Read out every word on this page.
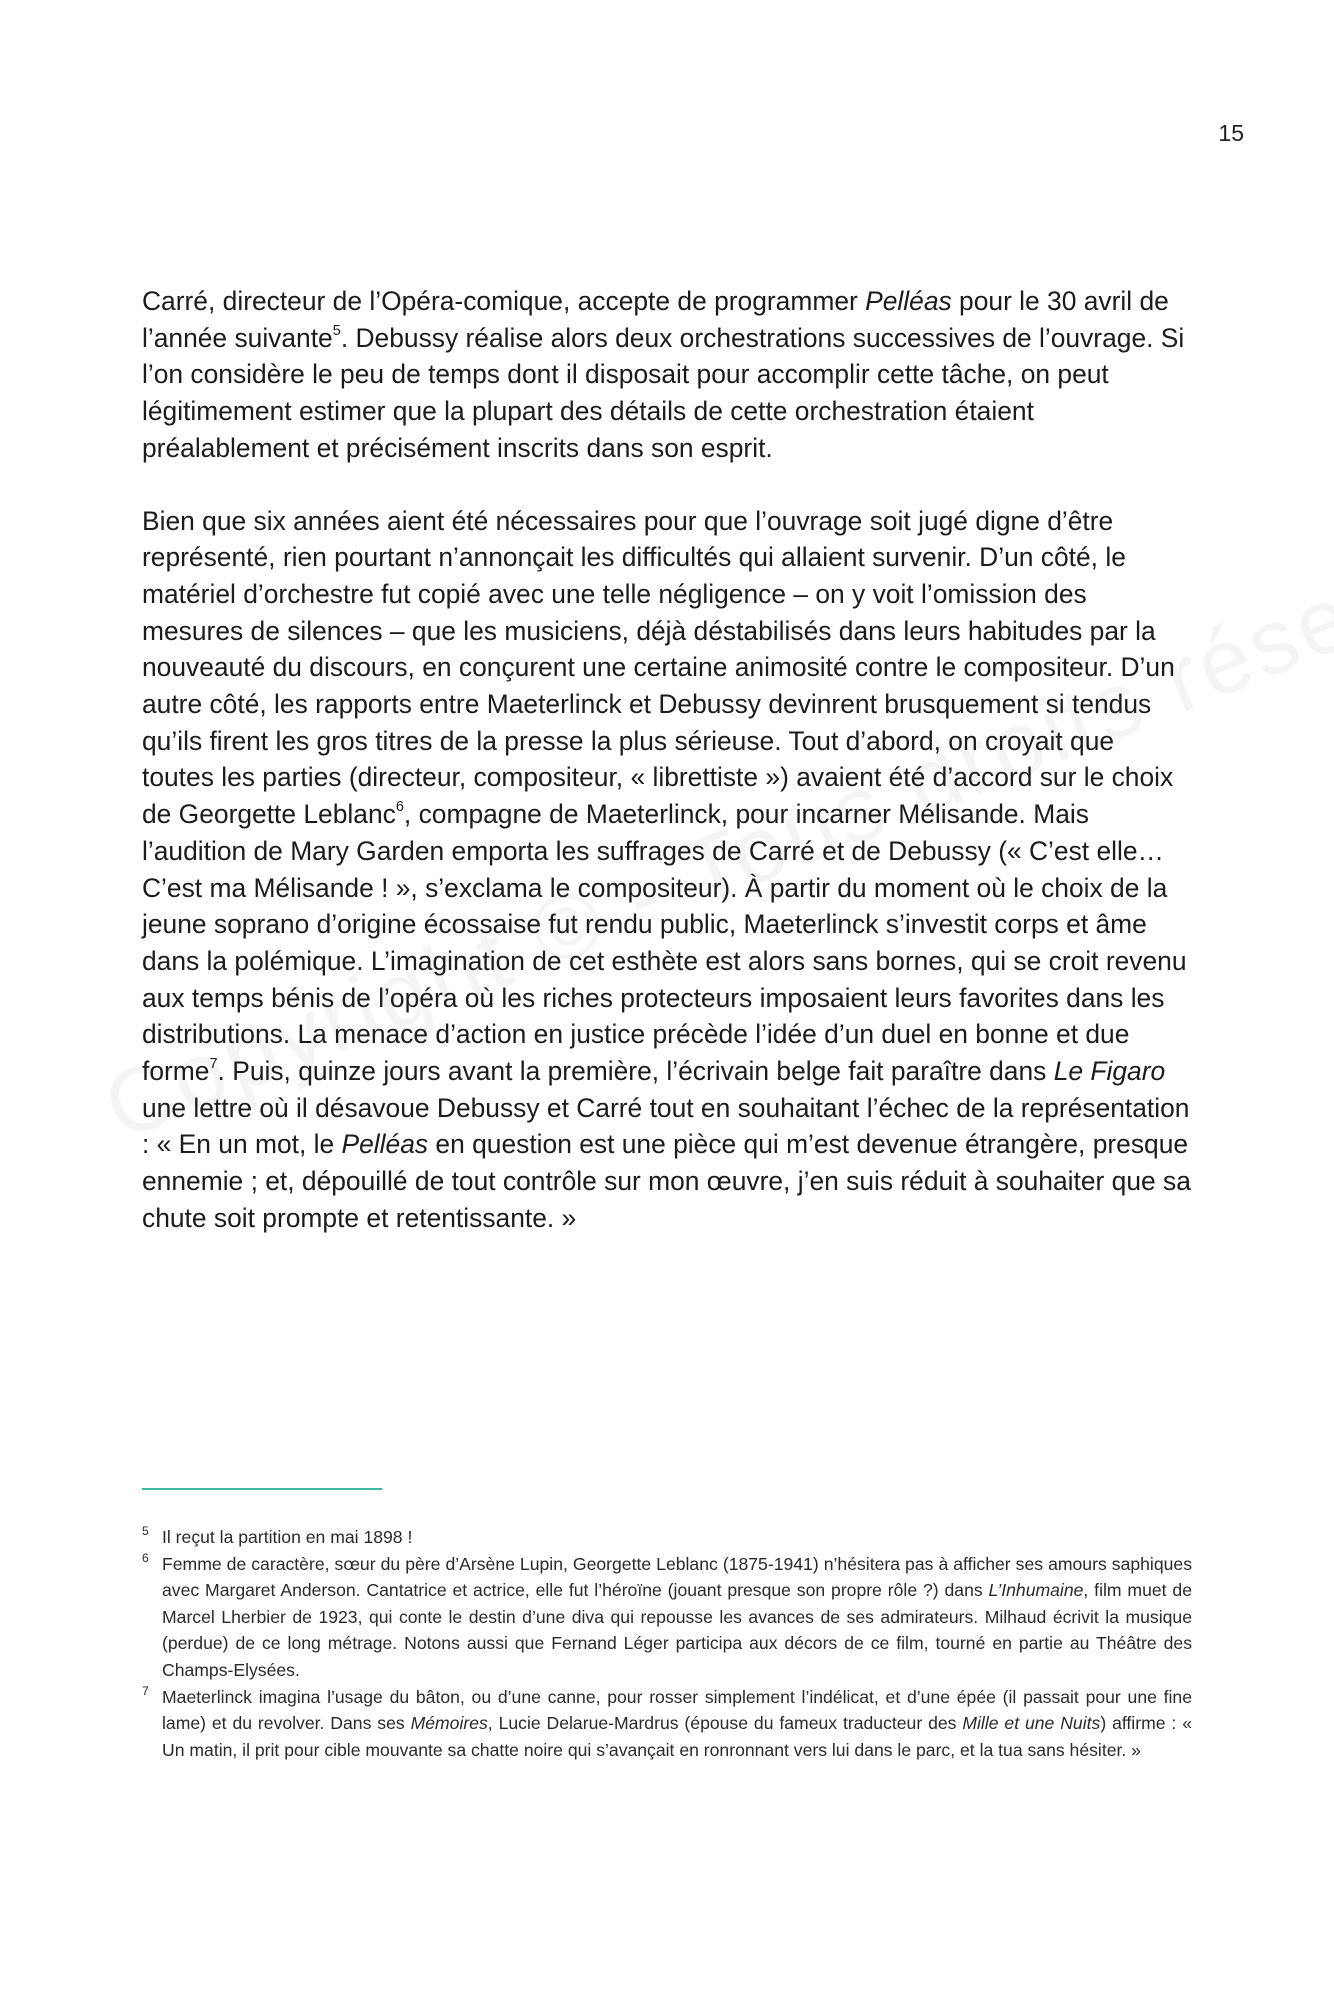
15

Carré, directeur de l’Opéra-comique, accepte de programmer Pelléas pour le 30 avril de l’année suivante$^5$. Debussy réalise alors deux orchestrations successives de l’ouvrage. Si l’on considère le peu de temps dont il disposait pour accomplir cette tâche, on peut légitimement estimer que la plupart des détails de cette orchestration étaient préalablement et précisément inscrits dans son esprit.

Bien que six années aient été nécessaires pour que l’ouvrage soit jugé digne d’être représenté, rien pourtant n’annonçait les difficultés qui allaient survenir. D’un côté, le matériel d’orchestre fut copié avec une telle négligence – on y voit l’omission des mesures de silences – que les musiciens, déjà déstabilisés dans leurs habitudes par la nouveauté du discours, en conçurent une certaine animosité contre le compositeur. D’un autre côté, les rapports entre Maeterlinck et Debussy devinrent brusquement si tendus qu’ils firent les gros titres de la presse la plus sérieuse. Tout d’abord, on croyait que toutes les parties (directeur, compositeur, « librettiste ») avaient été d’accord sur le choix de Georgette Leblanc$^6$, compagne de Maeterlinck, pour incarner Mélisande. Mais l’audition de Mary Garden emporta les suffrages de Carré et de Debussy (« C’est elle… C’est ma Mélisande ! », s’exclama le compositeur). À partir du moment où le choix de la jeune soprano d’origine écossaise fut rendu public, Maeterlinck s’investit corps et âme dans la polémique. L’imagination de cet esthète est alors sans bornes, qui se croit revenu aux temps bénis de l’opéra où les riches protecteurs imposaient leurs favorites dans les distributions. La menace d’action en justice précède l’idée d’un duel en bonne et due forme$^7$. Puis, quinze jours avant la première, l’écrivain belge fait paraître dans Le Figaro une lettre où il désavoue Debussy et Carré tout en souhaitant l’échec de la représentation : « En un mot, le Pelléas en question est une pièce qui m’est devenue étrangère, presque ennemie ; et, dépouillé de tout contrôle sur mon œuvre, j’en suis réduit à souhaiter que sa chute soit prompte et retentissante. »

5 Il reçut la partition en mai 1898 !
6 Femme de caractère, sœur du père d’Arsène Lupin, Georgette Leblanc (1875-1941) n’hésitera pas à afficher ses amours saphiques avec Margaret Anderson. Cantatrice et actrice, elle fut l’héroïne (jouant presque son propre rôle ?) dans L’Inhumaine, film muet de Marcel Lherbier de 1923, qui conte le destin d’une diva qui repousse les avances de ses admirateurs. Milhaud écrivit la musique (perdue) de ce long métrage. Notons aussi que Fernand Léger participa aux décors de ce film, tourné en partie au Théâtre des Champs-Elysées.
7 Maeterlinck imagina l’usage du bâton, ou d’une canne, pour rosser simplement l’indélicat, et d’une épée (il passait pour une fine lame) et du revolver. Dans ses Mémoires, Lucie Delarue-Mardrus (épouse du fameux traducteur des Mille et une Nuits) affirme : « Un matin, il prit pour cible mouvante sa chatte noire qui s’avançait en ronronnant vers lui dans le parc, et la tua sans hésiter. »
